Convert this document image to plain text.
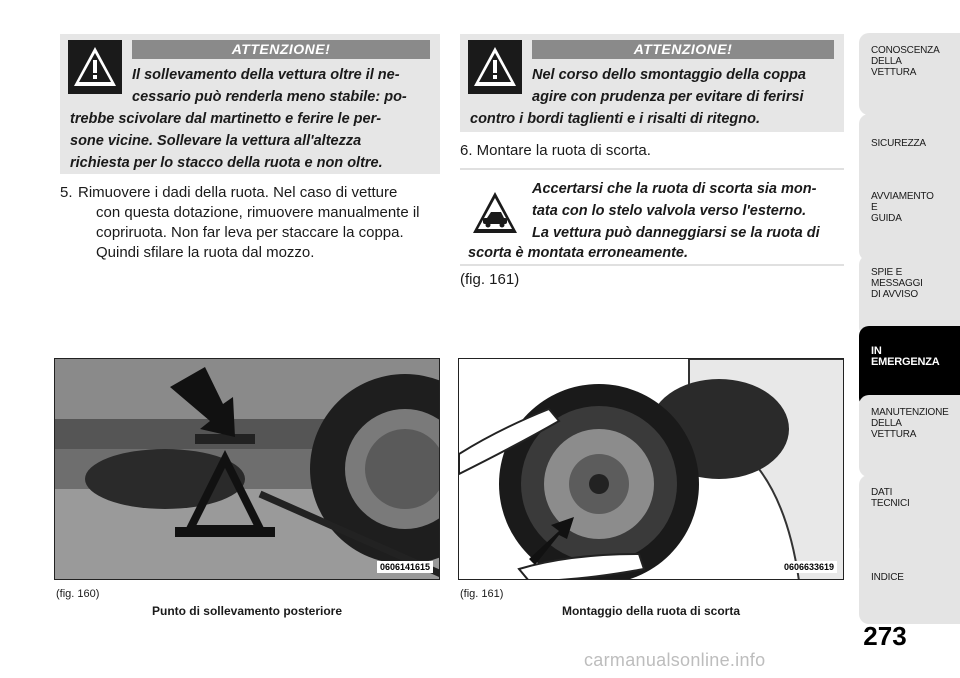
ATTENZIONE!
Il sollevamento della vettura oltre il ne-
cessario può renderla meno stabile: po-
trebbe scivolare dal martinetto e ferire le per-
sone vicine. Sollevare la vettura all'altezza
richiesta per lo stacco della ruota e non oltre.
5. Rimuovere i dadi della ruota. Nel caso di vetture
con questa dotazione, rimuovere manualmente il
copriruota. Non far leva per staccare la coppa.
Quindi sfilare la ruota dal mozzo.
ATTENZIONE!
Nel corso dello smontaggio della coppa
agire con prudenza per evitare di ferirsi
contro i bordi taglienti e i risalti di ritegno.
6. Montare la ruota di scorta.
Accertarsi che la ruota di scorta sia mon-
tata con lo stelo valvola verso l'esterno.
La vettura può danneggiarsi se la ruota di
scorta è montata erroneamente.
(fig. 161)
0606141615
(fig. 160)
Punto di sollevamento posteriore
0606633619
(fig. 161)
Montaggio della ruota di scorta
CONOSCENZA
DELLA
VETTURA
SICUREZZA
AVVIAMENTO
E
GUIDA
SPIE E
MESSAGGI
DI AVVISO
IN
EMERGENZA
MANUTENZIONE
DELLA
VETTURA
DATI
TECNICI
INDICE
273
carmanualsonline.info
